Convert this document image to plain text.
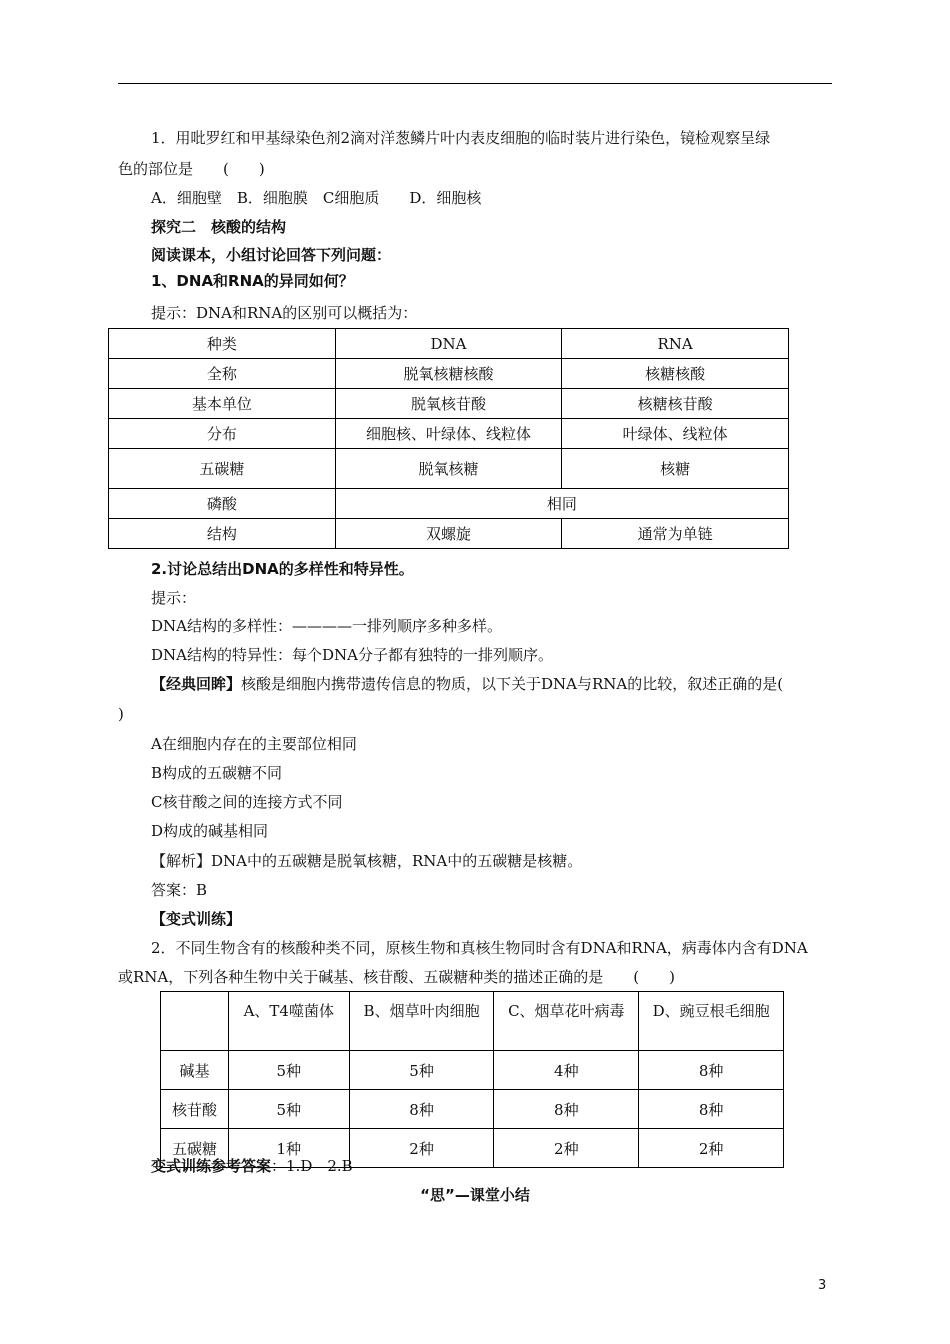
1．用吡罗红和甲基绿染色剂2滴对洋葱鳞片叶内表皮细胞的临时装片进行染色，镜检观察呈绿
色的部位是　　(　　)
A．细胞壁　B．细胞膜　C细胞质　　D．细胞核
探究二　核酸的结构
阅读课本，小组讨论回答下列问题：
1、DNA和RNA的异同如何？
提示：DNA和RNA的区别可以概括为：
种类	DNA	RNA
全称	脱氧核糖核酸	核糖核酸
基本单位	脱氧核苷酸	核糖核苷酸
分布	细胞核、叶绿体、线粒体	叶绿体、线粒体
五碳糖	脱氧核糖	核糖
磷酸	相同	
结构	双螺旋	通常为单链
2.讨论总结出DNA的多样性和特异性。
提示：
DNA结构的多样性：————一排列顺序多种多样。
DNA结构的特异性：每个DNA分子都有独特的一排列顺序。
【经典回眸】核酸是细胞内携带遗传信息的物质，以下关于DNA与RNA的比较，叙述正确的是(
)
A在细胞内存在的主要部位相同
B构成的五碳糖不同
C核苷酸之间的连接方式不同
D构成的碱基相同
【解析】DNA中的五碳糖是脱氧核糖，RNA中的五碳糖是核糖。
答案：B
【变式训练】
2．不同生物含有的核酸种类不同，原核生物和真核生物同时含有DNA和RNA，病毒体内含有DNA
或RNA，下列各种生物中关于碱基、核苷酸、五碳糖种类的描述正确的是　　(　　)
	A、T4噬菌体	B、烟草叶肉细胞	C、烟草花叶病毒	D、豌豆根毛细胞
碱基	5种	5种	4种	8种
核苷酸	5种	8种	8种	8种
五碳糖	1种	2种	2种	2种
变式训练参考答案：1.D　2.B
“思”—课堂小结
3
